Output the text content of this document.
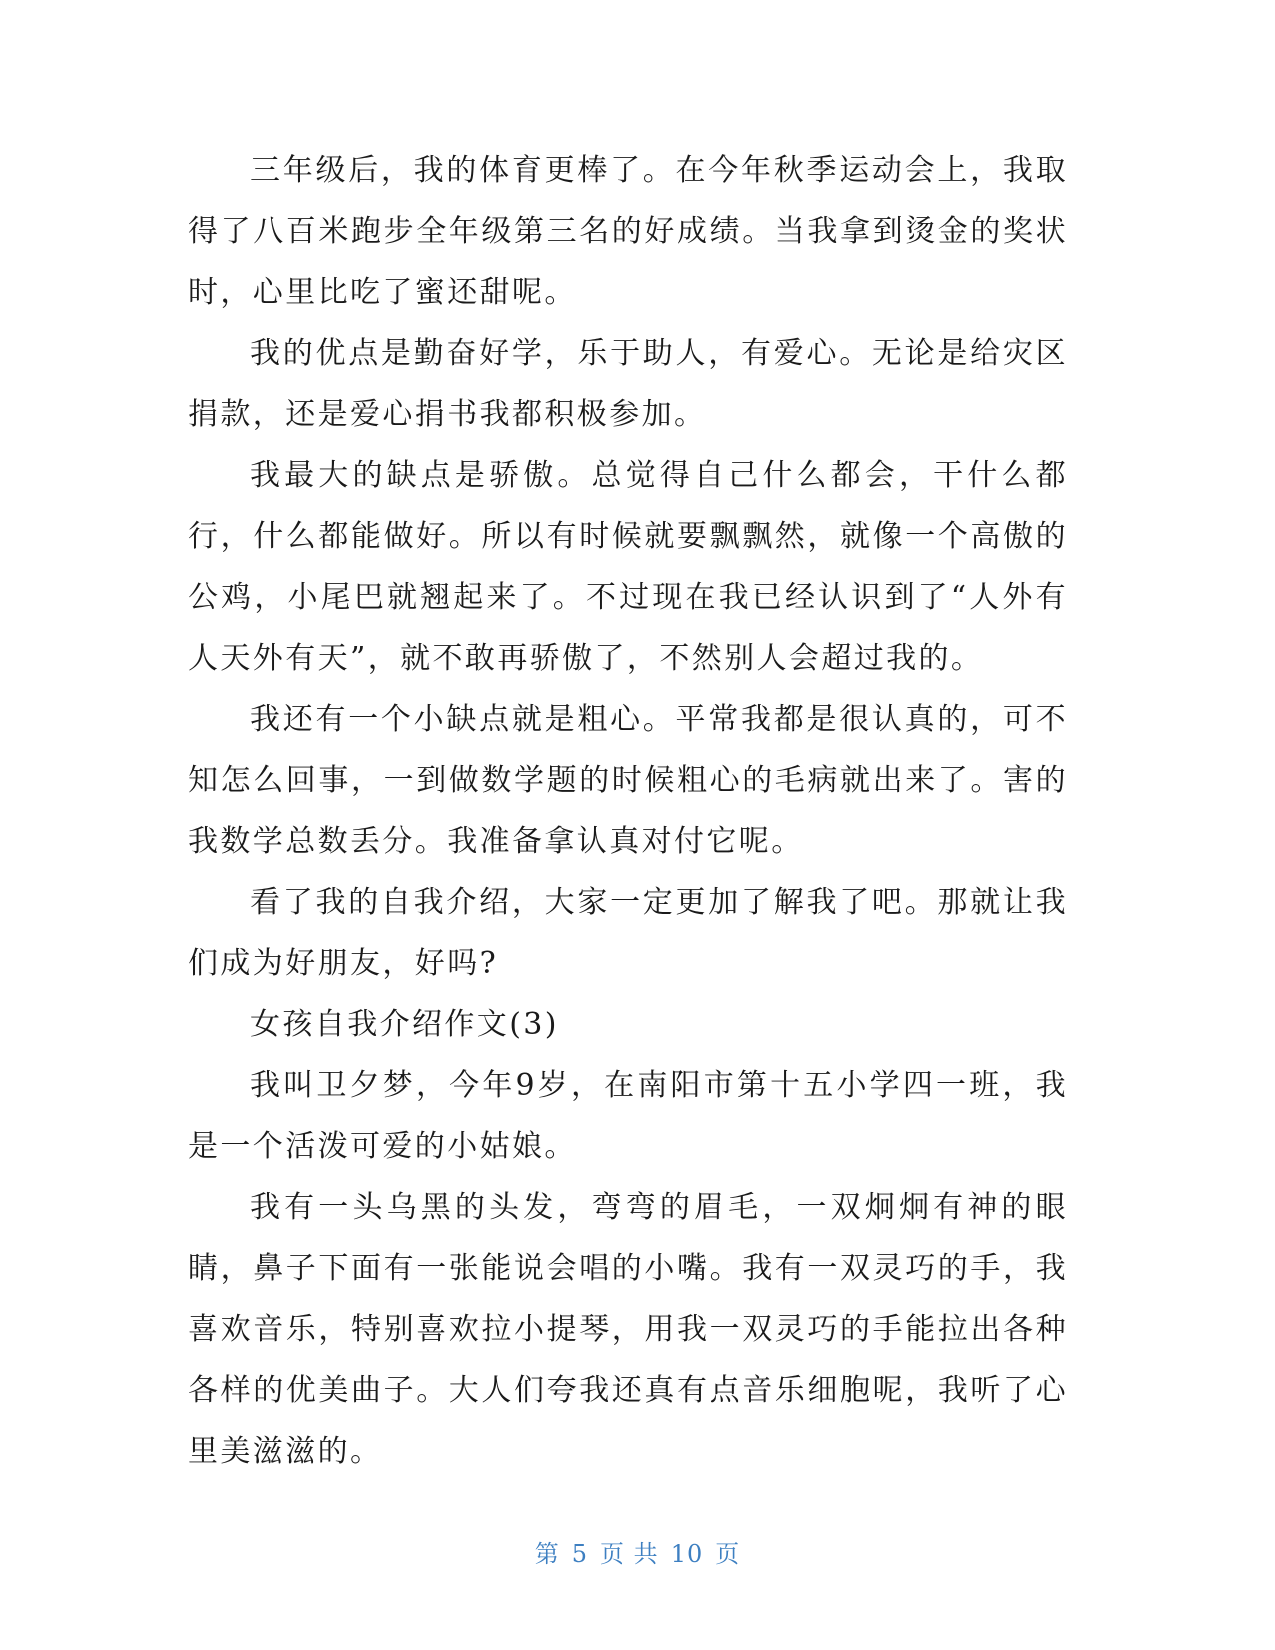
三年级后，我的体育更棒了。在今年秋季运动会上，我取得了八百米跑步全年级第三名的好成绩。当我拿到烫金的奖状时，心里比吃了蜜还甜呢。

我的优点是勤奋好学，乐于助人，有爱心。无论是给灾区捐款，还是爱心捐书我都积极参加。

我最大的缺点是骄傲。总觉得自己什么都会，干什么都行，什么都能做好。所以有时候就要飘飘然，就像一个高傲的公鸡，小尾巴就翘起来了。不过现在我已经认识到了“人外有人天外有天”，就不敢再骄傲了，不然别人会超过我的。

我还有一个小缺点就是粗心。平常我都是很认真的，可不知怎么回事，一到做数学题的时候粗心的毛病就出来了。害的我数学总数丢分。我准备拿认真对付它呢。

看了我的自我介绍，大家一定更加了解我了吧。那就让我们成为好朋友，好吗?

女孩自我介绍作文(3)

我叫卫夕梦，今年9岁，在南阳市第十五小学四一班，我是一个活泼可爱的小姑娘。

我有一头乌黑的头发，弯弯的眉毛，一双炯炯有神的眼睛，鼻子下面有一张能说会唱的小嘴。我有一双灵巧的手，我喜欢音乐，特别喜欢拉小提琴，用我一双灵巧的手能拉出各种各样的优美曲子。大人们夸我还真有点音乐细胞呢，我听了心里美滋滋的。

第 5 页 共 10 页
